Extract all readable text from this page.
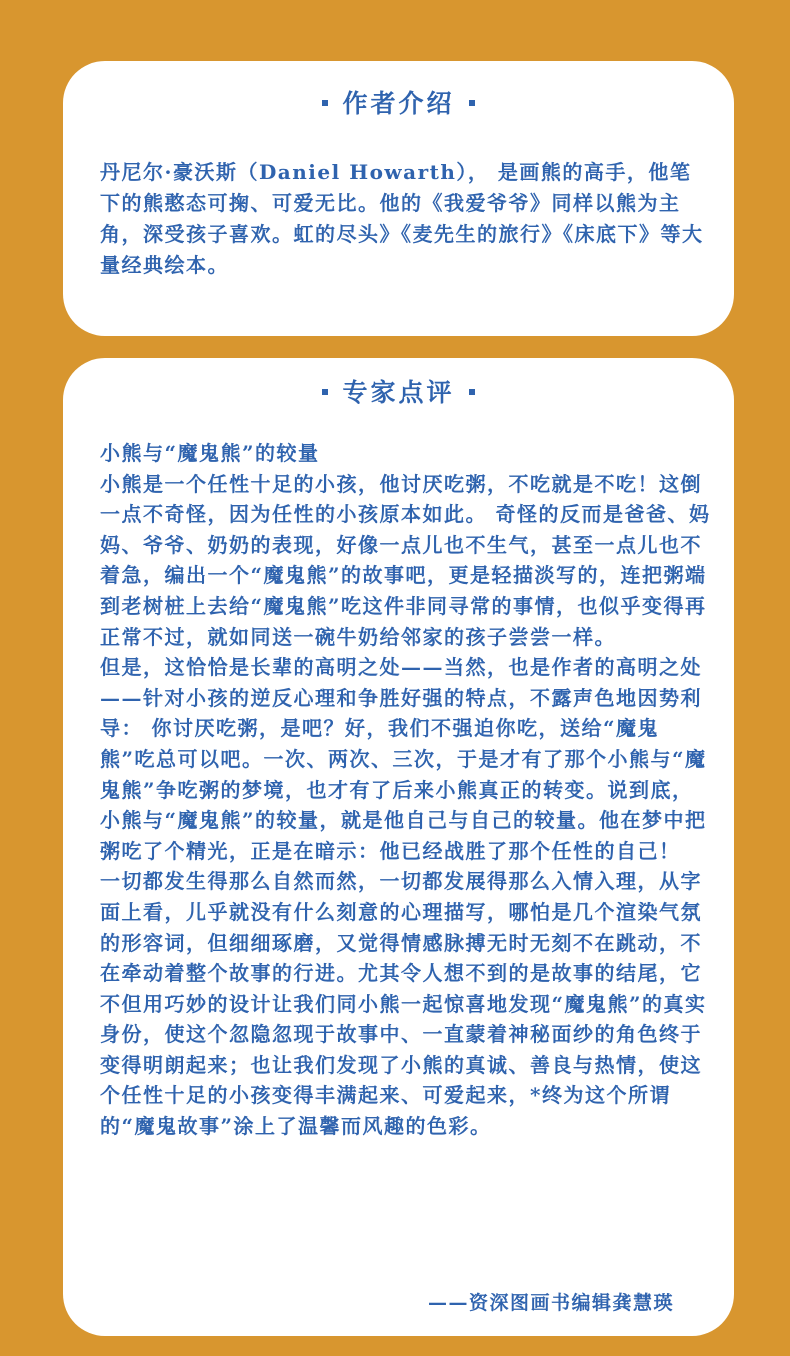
作者介绍

丹尼尔·豪沃斯（Daniel Howarth）， 是画熊的高手，他笔下的熊憨态可掬、可爱无比。他的《我爱爷爷》同样以熊为主角，深受孩子喜欢。虹的尽头》《麦先生的旅行》《床底下》等大量经典绘本。

专家点评

小熊与“魔鬼熊”的较量

小熊是一个任性十足的小孩，他讨厌吃粥，不吃就是不吃！这倒一点不奇怪，因为任性的小孩原本如此。 奇怪的反而是爸爸、妈妈、爷爷、奶奶的表现，好像一点儿也不生气，甚至一点儿也不着急，编出一个“魔鬼熊”的故事吧，更是轻描淡写的，连把粥端到老树桩上去给“魔鬼熊”吃这件非同寻常的事情，也似乎变得再正常不过，就如同送一碗牛奶给邻家的孩子尝尝一样。

但是，这恰恰是长辈的高明之处——当然，也是作者的高明之处——针对小孩的逆反心理和争胜好强的特点，不露声色地因势利导： 你讨厌吃粥，是吧？好，我们不强迫你吃，送给“魔鬼熊”吃总可以吧。一次、两次、三次，于是才有了那个小熊与“魔鬼熊”争吃粥的梦境，也才有了后来小熊真正的转变。说到底，小熊与“魔鬼熊”的较量，就是他自己与自己的较量。他在梦中把粥吃了个精光，正是在暗示：他已经战胜了那个任性的自己！

一切都发生得那么自然而然，一切都发展得那么入情入理，从字面上看，儿乎就没有什么刻意的心理描写，哪怕是几个渲染气氛的形容词，但细细琢磨，又觉得情感脉搏无时无刻不在跳动，不在牵动着整个故事的行进。尤其令人想不到的是故事的结尾，它不但用巧妙的设计让我们同小熊一起惊喜地发现“魔鬼熊”的真实身份，使这个忽隐忽现于故事中、一直蒙着神秘面纱的角色终于变得明朗起来；也让我们发现了小熊的真诚、善良与热情，使这个任性十足的小孩变得丰满起来、可爱起来，*终为这个所谓的“魔鬼故事”涂上了温馨而风趣的色彩。

——资深图画书编辑龚慧瑛
